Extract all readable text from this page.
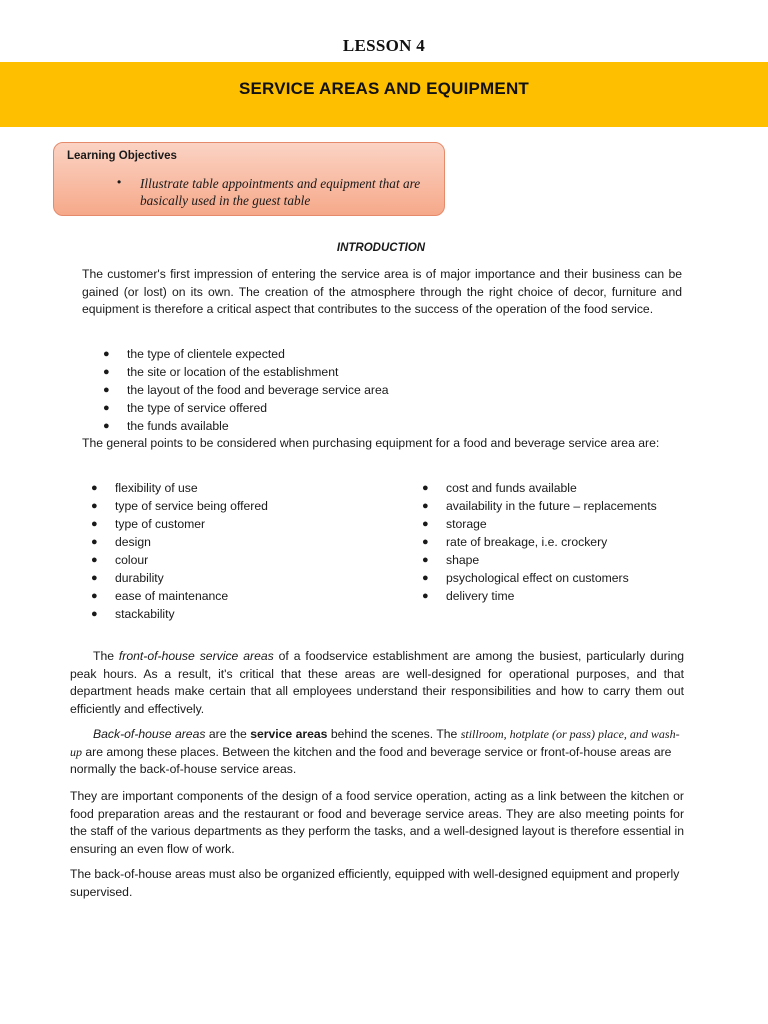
LESSON 4
SERVICE AREAS AND EQUIPMENT
Learning Objectives
• Illustrate table appointments and equipment that are basically used in the guest table
INTRODUCTION
The customer's first impression of entering the service area is of major importance and their business can be gained (or lost) on its own. The creation of the atmosphere through the right choice of decor, furniture and equipment is therefore a critical aspect that contributes to the success of the operation of the food service.
● the type of clientele expected
● the site or location of the establishment
● the layout of the food and beverage service area
● the type of service offered
● the funds available
The general points to be considered when purchasing equipment for a food and beverage service area are:
● flexibility of use
● type of service being offered
● type of customer
● design
● colour
● durability
● ease of maintenance
● stackability
● cost and funds available
● availability in the future – replacements
● storage
● rate of breakage, i.e. crockery
● shape
● psychological effect on customers
● delivery time
The front-of-house service areas of a foodservice establishment are among the busiest, particularly during peak hours. As a result, it's critical that these areas are well-designed for operational purposes, and that department heads make certain that all employees understand their responsibilities and how to carry them out efficiently and effectively.
Back-of-house areas are the service areas behind the scenes. The stillroom, hotplate (or pass) place, and wash-up are among these places. Between the kitchen and the food and beverage service or front-of-house areas are normally the back-of-house service areas.
They are important components of the design of a food service operation, acting as a link between the kitchen or food preparation areas and the restaurant or food and beverage service areas. They are also meeting points for the staff of the various departments as they perform the tasks, and a well-designed layout is therefore essential in ensuring an even flow of work.
The back-of-house areas must also be organized efficiently, equipped with well-designed equipment and properly supervised.
